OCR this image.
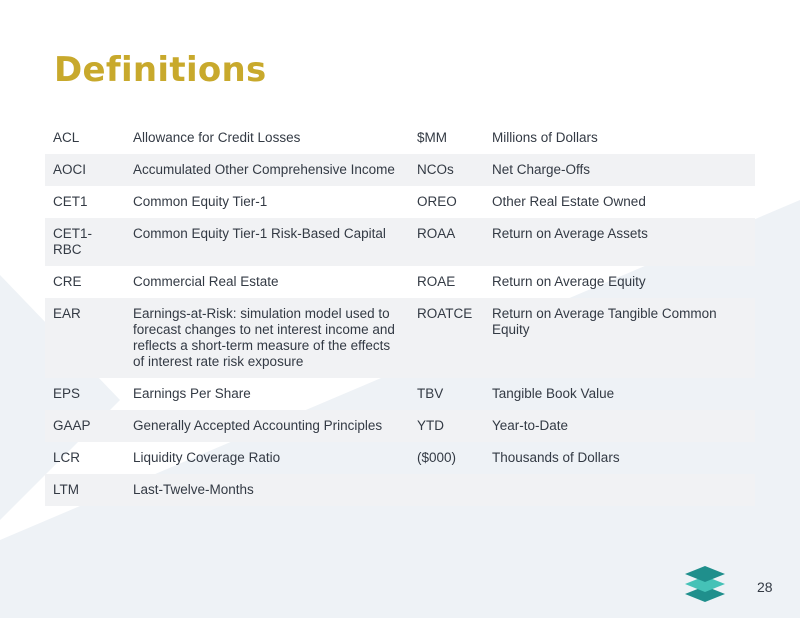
Definitions
ACL	Allowance for Credit Losses	$MM	Millions of Dollars
AOCI	Accumulated Other Comprehensive Income	NCOs	Net Charge-Offs
CET1	Common Equity Tier-1	OREO	Other Real Estate Owned
CET1-RBC	Common Equity Tier-1 Risk-Based Capital	ROAA	Return on Average Assets
CRE	Commercial Real Estate	ROAE	Return on Average Equity
EAR	Earnings-at-Risk: simulation model used to forecast changes to net interest income and reflects a short-term measure of the effects of interest rate risk exposure	ROATCE	Return on Average Tangible Common Equity
EPS	Earnings Per Share	TBV	Tangible Book Value
GAAP	Generally Accepted Accounting Principles	YTD	Year-to-Date
LCR	Liquidity Coverage Ratio	($000)	Thousands of Dollars
LTM	Last-Twelve-Months		
28
